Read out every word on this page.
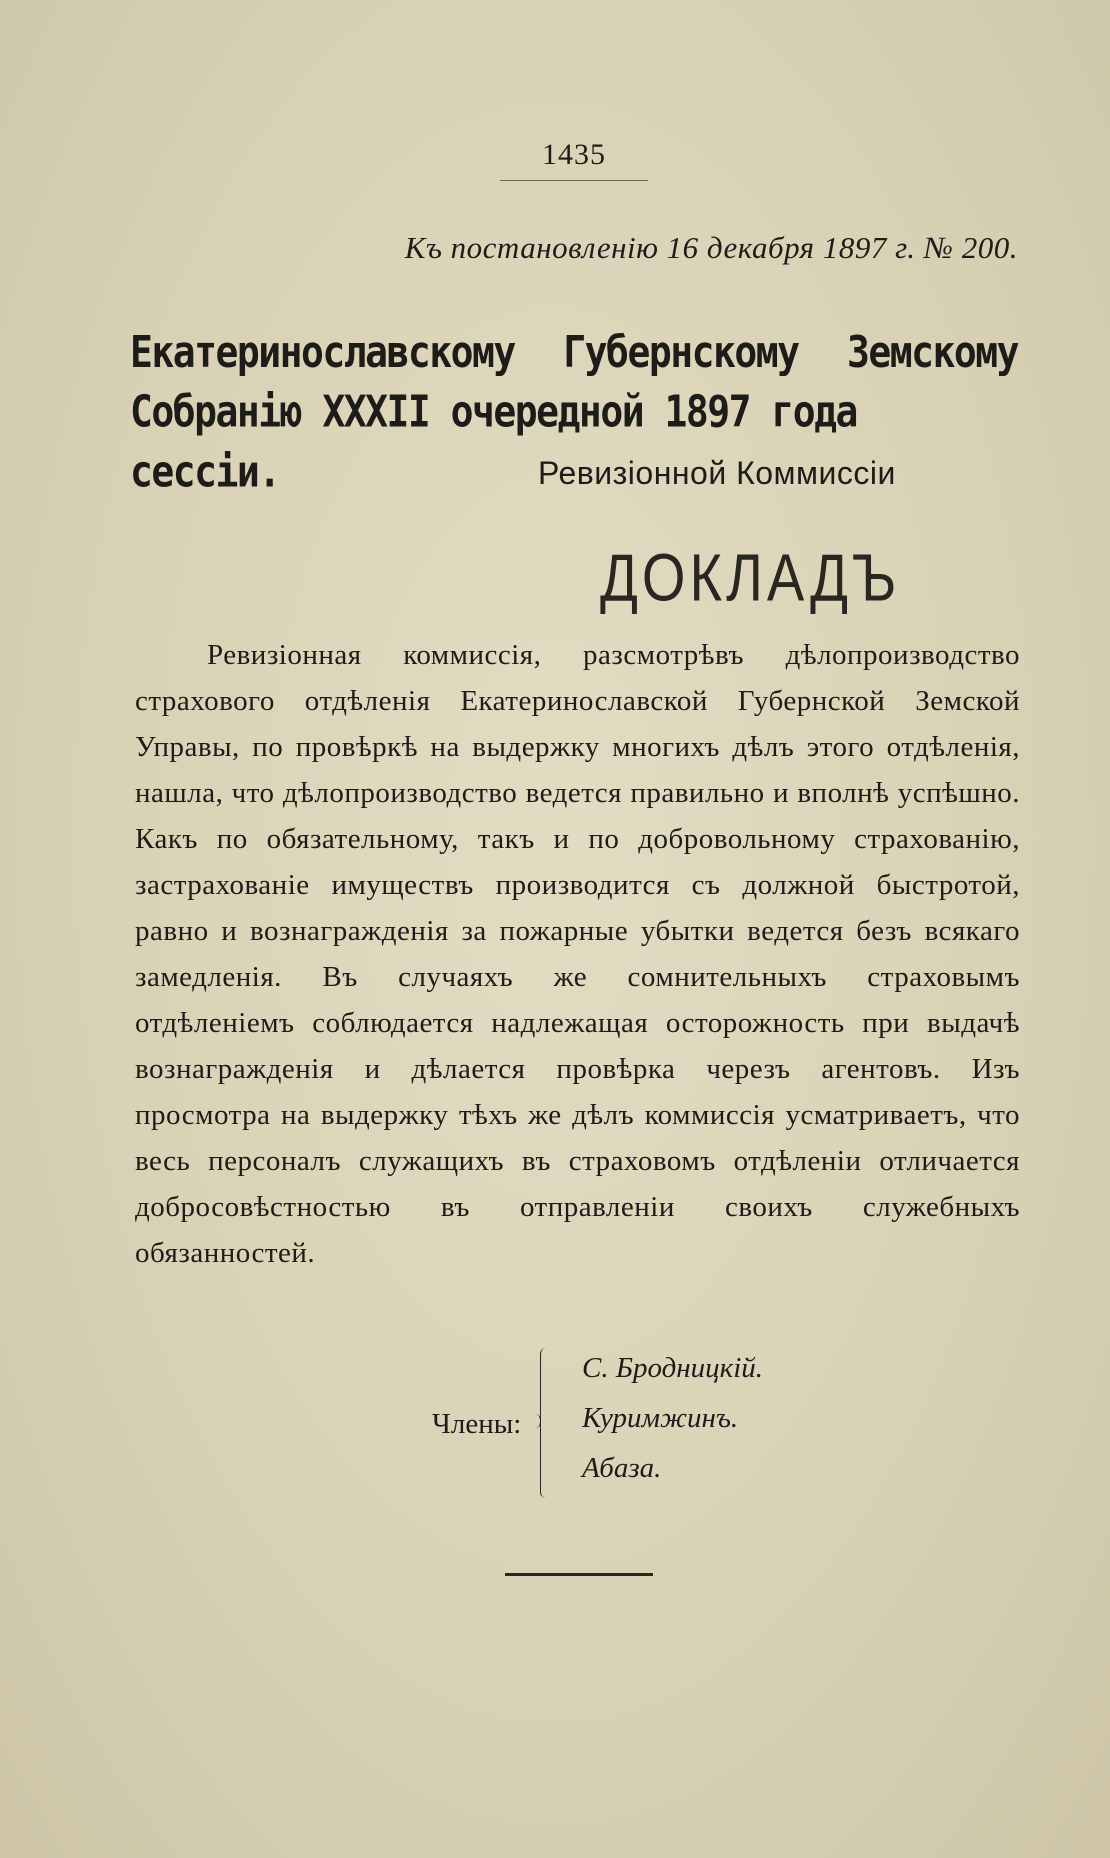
1435
Къ постановленію 16 декабря 1897 г. № 200.
Екатеринославскому Губернскому Земскому
Собранію XXXII очередной 1897 года сессіи.	Ревизіонной Коммиссіи
ДОКЛАДЪ

Ревизіонная коммиссія, разсмотрѣвъ дѣлопроизводство страхового отдѣленія Екатеринославской Губернской Земской Управы, по провѣркѣ на выдержку многихъ дѣлъ этого отдѣленія, нашла, что дѣлопроизводство ведется правильно и вполнѣ успѣшно. Какъ по обязательному, такъ и по добровольному страхованію, застрахованіе имуществъ производится съ должной быстротой, равно и вознагражденія за пожарные убытки ведется безъ всякаго замедленія. Въ случаяхъ же сомнительныхъ страховымъ отдѣленіемъ соблюдается надлежащая осторожность при выдачѣ вознагражденія и дѣлается провѣрка черезъ агентовъ. Изъ просмотра на выдержку тѣхъ же дѣлъ коммиссія усматриваетъ, что весь персоналъ служащихъ въ страховомъ отдѣленіи отличается добросовѣстностью въ отправленіи своихъ служебныхъ обязанностей.

Члены:
С. Бродницкій.
Куримжинъ.
Абаза.
